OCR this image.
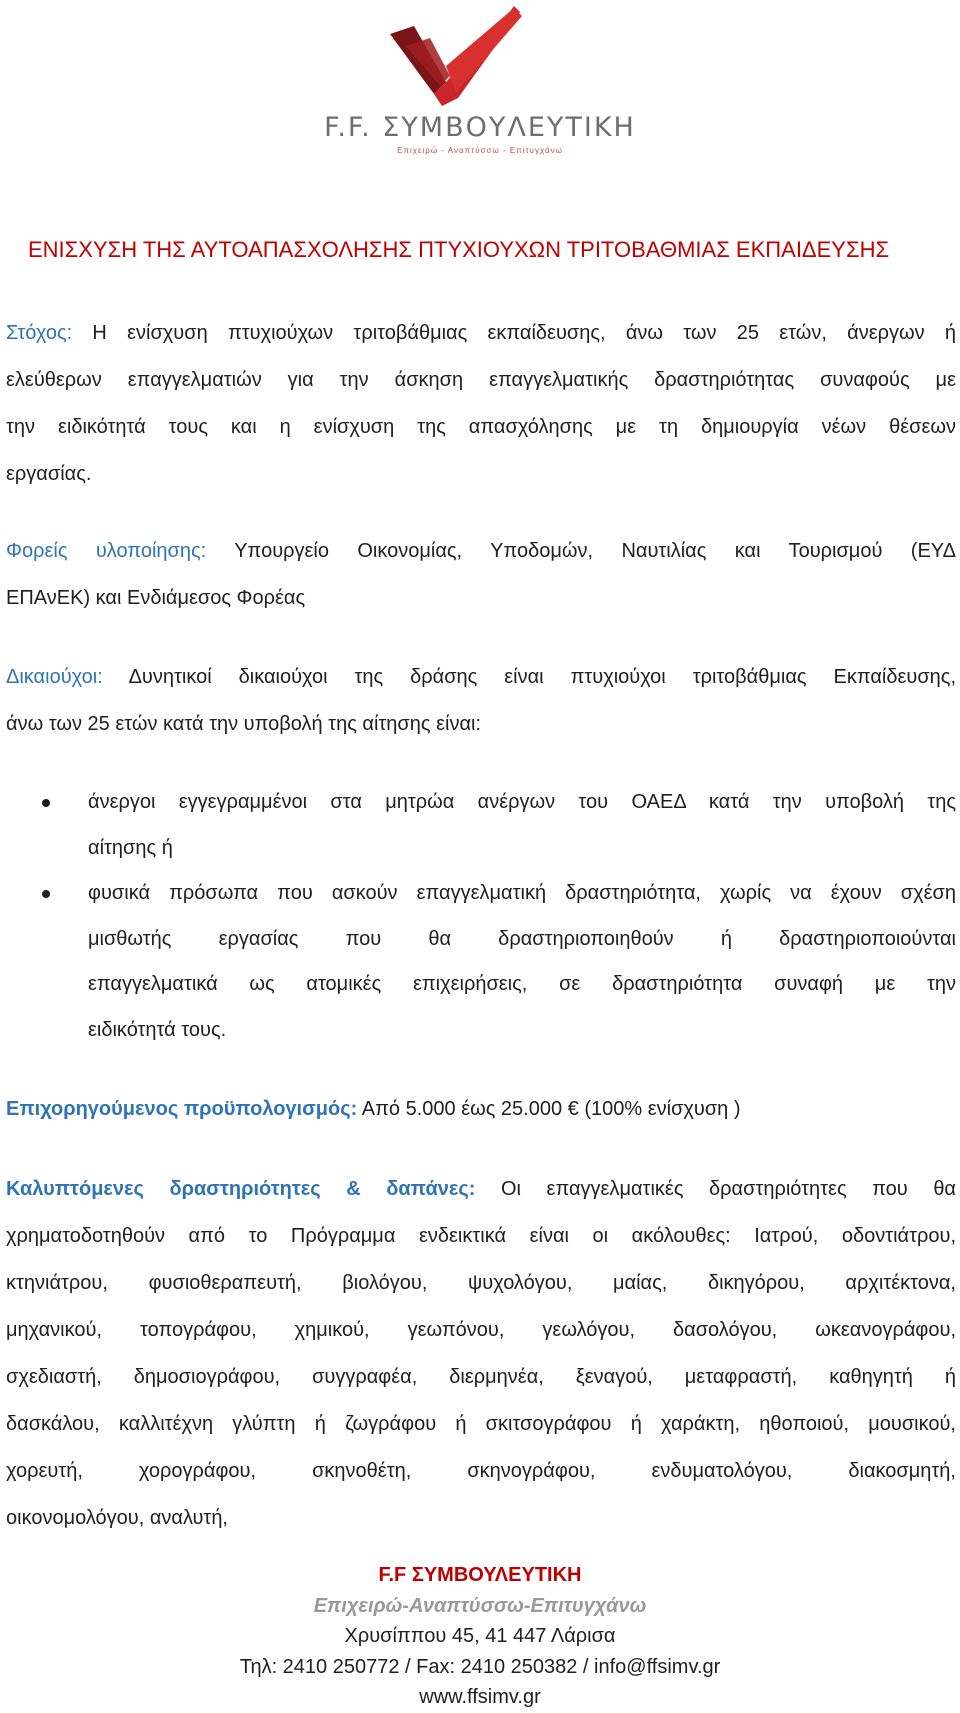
F.F. ΣΥΜΒΟΥΛΕΥΤΙΚΗ
Επιχειρώ - Αναπτύσσω - Επιτυγχάνω
ΕΝΙΣΧΥΣΗ ΤΗΣ ΑΥΤΟΑΠΑΣΧΟΛΗΣΗΣ ΠΤΥΧΙΟΥΧΩΝ ΤΡΙΤΟΒΑΘΜΙΑΣ ΕΚΠΑΙΔΕΥΣΗΣ
Στόχος: Η ενίσχυση πτυχιούχων τριτοβάθμιας εκπαίδευσης, άνω των 25 ετών, άνεργων ή
ελεύθερων επαγγελματιών για την άσκηση επαγγελματικής δραστηριότητας συναφούς με
την ειδικότητά τους και η ενίσχυση της απασχόλησης με τη δημιουργία νέων θέσεων
εργασίας.
Φορείς υλοποίησης: Υπουργείο Οικονομίας, Υποδομών, Ναυτιλίας και Τουρισμού (ΕΥΔ
ΕΠΑνΕΚ) και Ενδιάμεσος Φορέας
Δικαιούχοι: Δυνητικοί δικαιούχοι της δράσης είναι πτυχιούχοι τριτοβάθμιας Εκπαίδευσης,
άνω των 25 ετών κατά την υποβολή της αίτησης είναι:
άνεργοι εγγεγραμμένοι στα μητρώα ανέργων του ΟΑΕΔ κατά την υποβολή της
αίτησης ή
φυσικά πρόσωπα που ασκούν επαγγελματική δραστηριότητα, χωρίς να έχουν σχέση
μισθωτής εργασίας που θα δραστηριοποιηθούν ή δραστηριοποιούνται
επαγγελματικά ως ατομικές επιχειρήσεις, σε δραστηριότητα συναφή με την
ειδικότητά τους.
Επιχορηγούμενος προϋπολογισμός: Από 5.000 έως 25.000 € (100% ενίσχυση )
Καλυπτόμενες δραστηριότητες & δαπάνες: Οι επαγγελματικές δραστηριότητες που θα
χρηματοδοτηθούν από το Πρόγραμμα ενδεικτικά είναι οι ακόλουθες: Ιατρού, οδοντιάτρου,
κτηνιάτρου, φυσιοθεραπευτή, βιολόγου, ψυχολόγου, μαίας, δικηγόρου, αρχιτέκτονα,
μηχανικού, τοπογράφου, χημικού, γεωπόνου, γεωλόγου, δασολόγου, ωκεανογράφου,
σχεδιαστή, δημοσιογράφου, συγγραφέα, διερμηνέα, ξεναγού, μεταφραστή, καθηγητή ή
δασκάλου, καλλιτέχνη γλύπτη ή ζωγράφου ή σκιτσογράφου ή χαράκτη, ηθοποιού, μουσικού,
χορευτή, χορογράφου, σκηνοθέτη, σκηνογράφου, ενδυματολόγου, διακοσμητή,
οικονομολόγου, αναλυτή,
F.F ΣΥΜΒΟΥΛΕΥΤΙΚΗ
Επιχειρώ-Αναπτύσσω-Επιτυγχάνω
Χρυσίππου 45, 41 447 Λάρισα
Τηλ: 2410 250772 / Fax: 2410 250382 / info@ffsimv.gr
www.ffsimv.gr
